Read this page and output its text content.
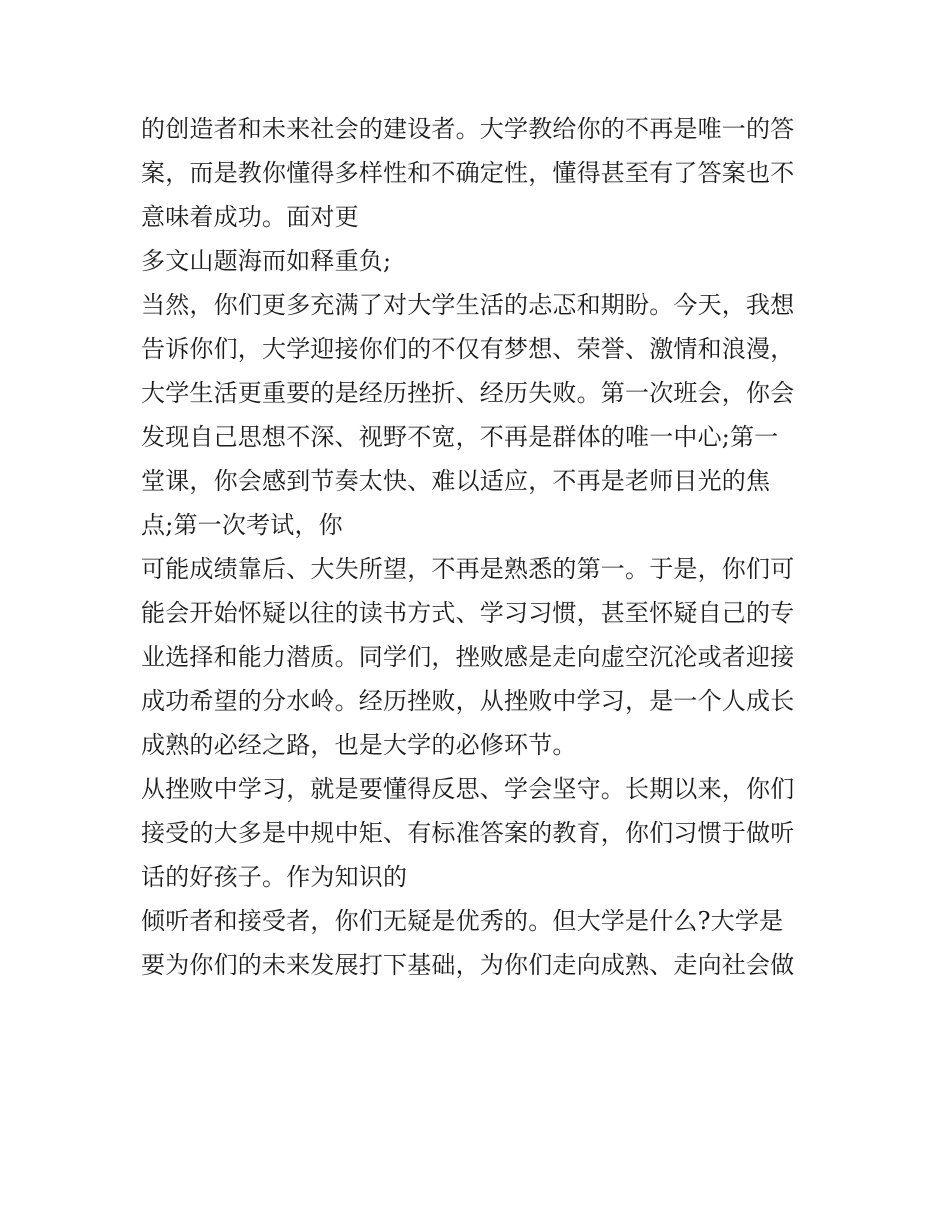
的创造者和未来社会的建设者。大学教给你的不再是唯一的答
案，而是教你懂得多样性和不确定性，懂得甚至有了答案也不
意味着成功。面对更
多文山题海而如释重负;
当然，你们更多充满了对大学生活的忐忑和期盼。今天，我想
告诉你们，大学迎接你们的不仅有梦想、荣誉、激情和浪漫，
大学生活更重要的是经历挫折、经历失败。第一次班会，你会
发现自己思想不深、视野不宽，不再是群体的唯一中心;第一
堂课，你会感到节奏太快、难以适应，不再是老师目光的焦
点;第一次考试，你
可能成绩靠后、大失所望，不再是熟悉的第一。于是，你们可
能会开始怀疑以往的读书方式、学习习惯，甚至怀疑自己的专
业选择和能力潜质。同学们，挫败感是走向虚空沉沦或者迎接
成功希望的分水岭。经历挫败，从挫败中学习，是一个人成长
成熟的必经之路，也是大学的必修环节。
从挫败中学习，就是要懂得反思、学会坚守。长期以来，你们
接受的大多是中规中矩、有标准答案的教育，你们习惯于做听
话的好孩子。作为知识的
倾听者和接受者，你们无疑是优秀的。但大学是什么?大学是
要为你们的未来发展打下基础，为你们走向成熟、走向社会做
